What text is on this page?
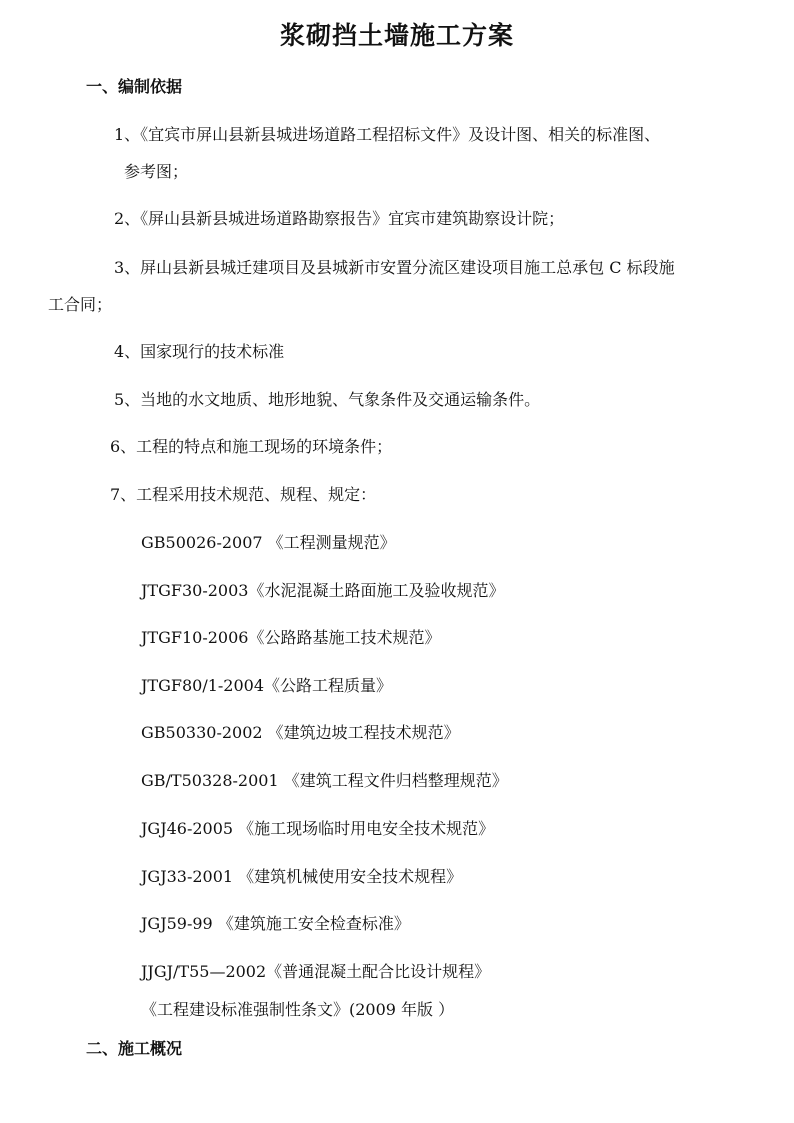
浆砌挡土墙施工方案
一、编制依据
1、《宜宾市屏山县新县城进场道路工程招标文件》及设计图、相关的标准图、
参考图；
2、《屏山县新县城进场道路勘察报告》宜宾市建筑勘察设计院；
3、屏山县新县城迁建项目及县城新市安置分流区建设项目施工总承包 C 标段施
工合同；
4、国家现行的技术标准
5、当地的水文地质、地形地貌、气象条件及交通运输条件。
6、工程的特点和施工现场的环境条件；
7、工程采用技术规范、规程、规定：
GB50026-2007 《工程测量规范》
JTGF30-2003《水泥混凝土路面施工及验收规范》
JTGF10-2006《公路路基施工技术规范》
JTGF80/1-2004《公路工程质量》
GB50330-2002 《建筑边坡工程技术规范》
GB/T50328-2001 《建筑工程文件归档整理规范》
JGJ46-2005 《施工现场临时用电安全技术规范》
JGJ33-2001 《建筑机械使用安全技术规程》
JGJ59-99 《建筑施工安全检查标准》
JJGJ/T55—2002《普通混凝土配合比设计规程》
《工程建设标准强制性条文》(2009 年版 ）
二、施工概况
